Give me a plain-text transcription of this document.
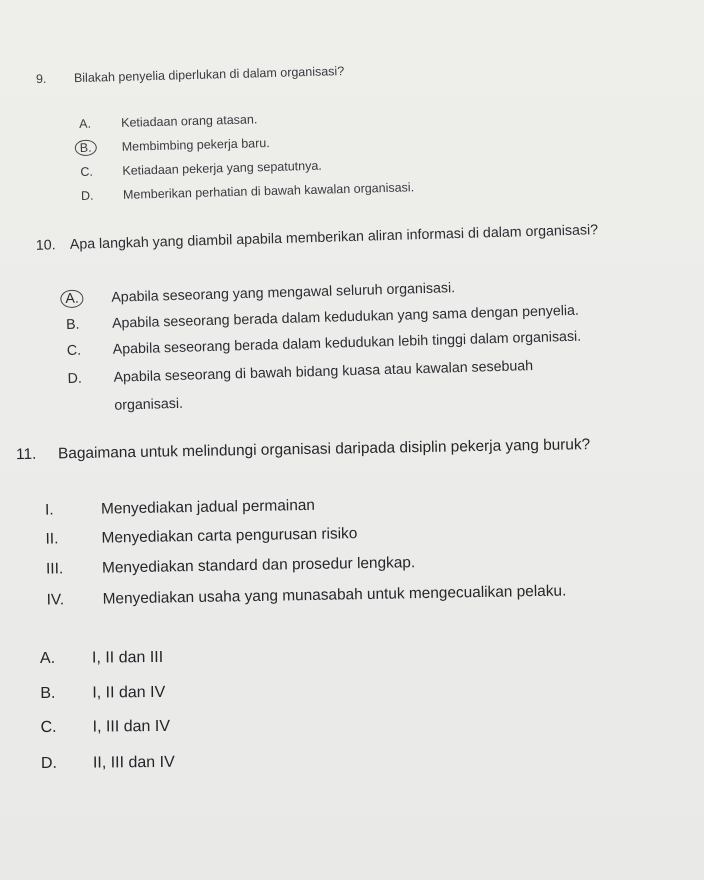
9. Bilakah penyelia diperlukan di dalam organisasi?
A. Ketiadaan orang atasan.
B. Membimbing pekerja baru.
C. Ketiadaan pekerja yang sepatutnya.
D. Memberikan perhatian di bawah kawalan organisasi.
10. Apa langkah yang diambil apabila memberikan aliran informasi di dalam organisasi?
A. Apabila seseorang yang mengawal seluruh organisasi.
B. Apabila seseorang berada dalam kedudukan yang sama dengan penyelia.
C. Apabila seseorang berada dalam kedudukan lebih tinggi dalam organisasi.
D. Apabila seseorang di bawah bidang kuasa atau kawalan sesebuah
organisasi.
11. Bagaimana untuk melindungi organisasi daripada disiplin pekerja yang buruk?
I.	Menyediakan jadual permainan
II.	Menyediakan carta pengurusan risiko
III.	Menyediakan standard dan prosedur lengkap.
IV. Menyediakan usaha yang munasabah untuk mengecualikan pelaku.
A. I, II dan III
B. I, II dan IV
C. I, III dan IV
D. II, III dan IV
